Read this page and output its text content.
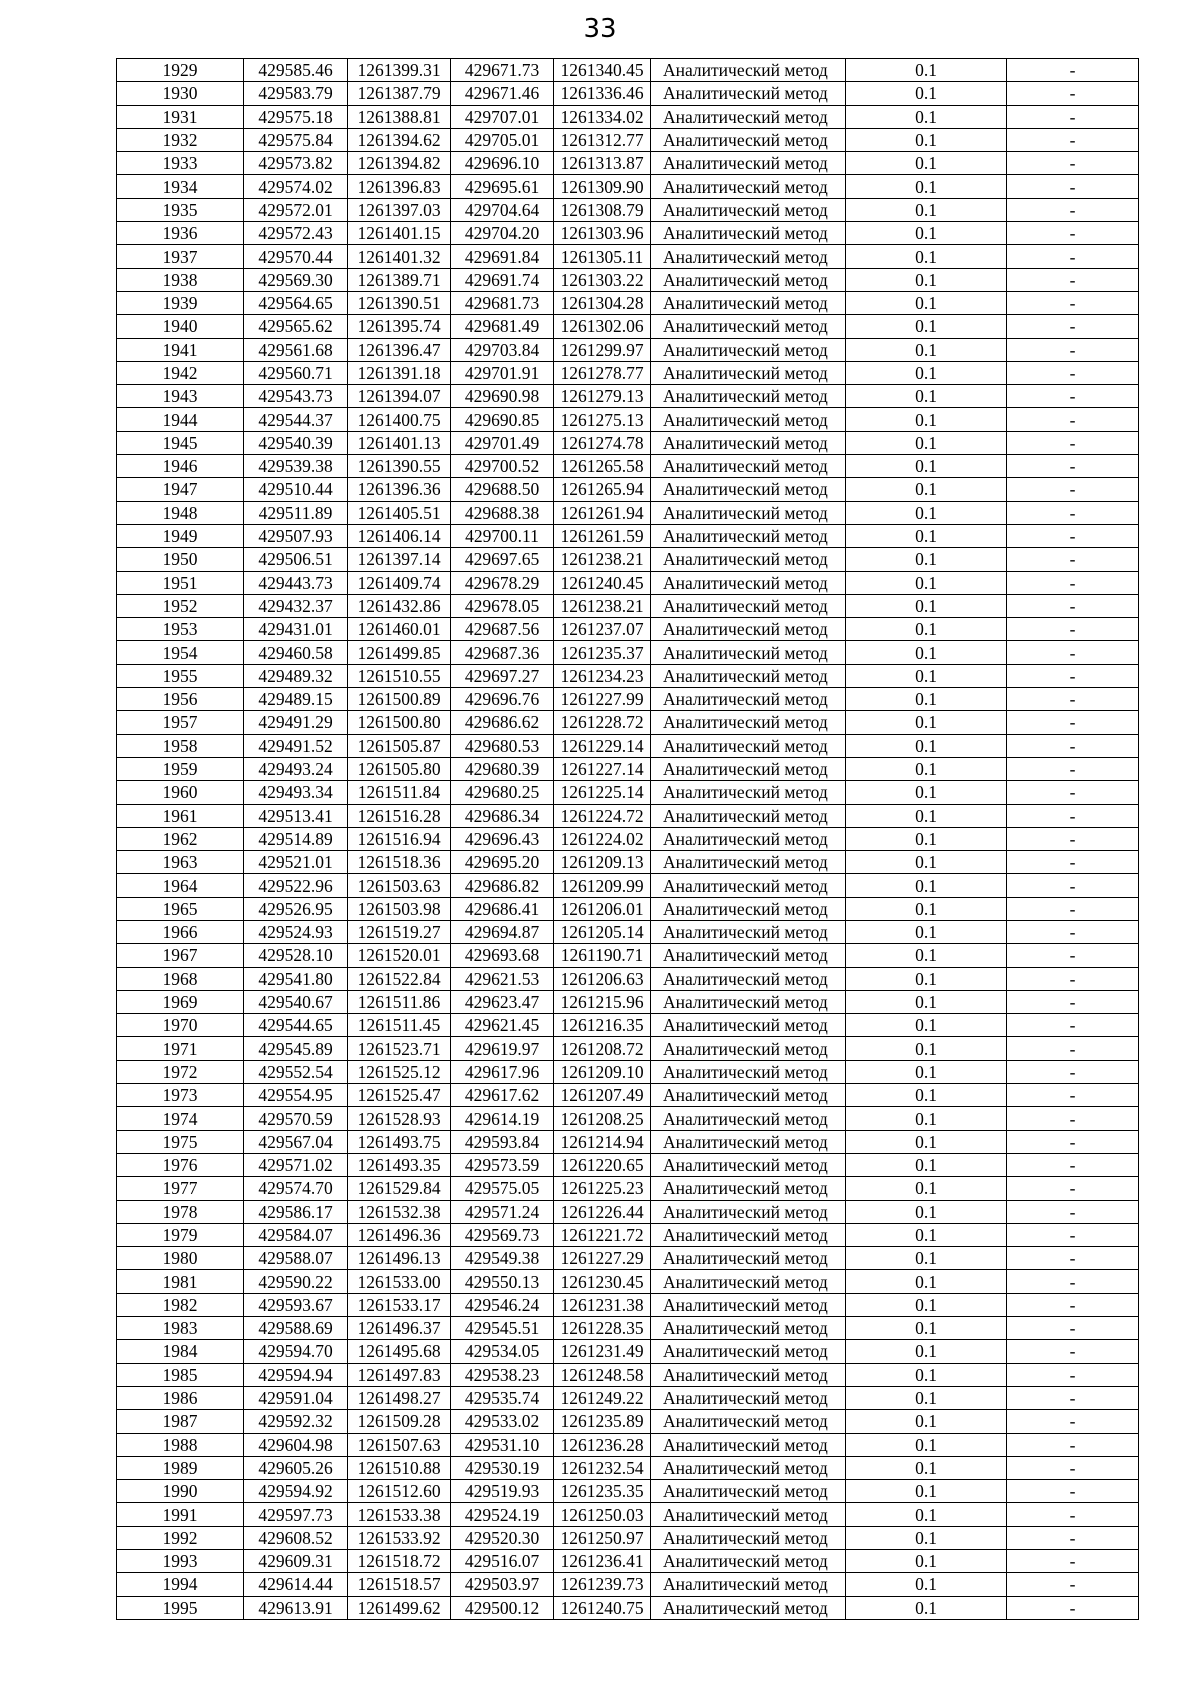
33
1929	429585.46	1261399.31	429671.73	1261340.45	Аналитический метод	0.1	-
1930	429583.79	1261387.79	429671.46	1261336.46	Аналитический метод	0.1	-
1931	429575.18	1261388.81	429707.01	1261334.02	Аналитический метод	0.1	-
1932	429575.84	1261394.62	429705.01	1261312.77	Аналитический метод	0.1	-
1933	429573.82	1261394.82	429696.10	1261313.87	Аналитический метод	0.1	-
1934	429574.02	1261396.83	429695.61	1261309.90	Аналитический метод	0.1	-
1935	429572.01	1261397.03	429704.64	1261308.79	Аналитический метод	0.1	-
1936	429572.43	1261401.15	429704.20	1261303.96	Аналитический метод	0.1	-
1937	429570.44	1261401.32	429691.84	1261305.11	Аналитический метод	0.1	-
1938	429569.30	1261389.71	429691.74	1261303.22	Аналитический метод	0.1	-
1939	429564.65	1261390.51	429681.73	1261304.28	Аналитический метод	0.1	-
1940	429565.62	1261395.74	429681.49	1261302.06	Аналитический метод	0.1	-
1941	429561.68	1261396.47	429703.84	1261299.97	Аналитический метод	0.1	-
1942	429560.71	1261391.18	429701.91	1261278.77	Аналитический метод	0.1	-
1943	429543.73	1261394.07	429690.98	1261279.13	Аналитический метод	0.1	-
1944	429544.37	1261400.75	429690.85	1261275.13	Аналитический метод	0.1	-
1945	429540.39	1261401.13	429701.49	1261274.78	Аналитический метод	0.1	-
1946	429539.38	1261390.55	429700.52	1261265.58	Аналитический метод	0.1	-
1947	429510.44	1261396.36	429688.50	1261265.94	Аналитический метод	0.1	-
1948	429511.89	1261405.51	429688.38	1261261.94	Аналитический метод	0.1	-
1949	429507.93	1261406.14	429700.11	1261261.59	Аналитический метод	0.1	-
1950	429506.51	1261397.14	429697.65	1261238.21	Аналитический метод	0.1	-
1951	429443.73	1261409.74	429678.29	1261240.45	Аналитический метод	0.1	-
1952	429432.37	1261432.86	429678.05	1261238.21	Аналитический метод	0.1	-
1953	429431.01	1261460.01	429687.56	1261237.07	Аналитический метод	0.1	-
1954	429460.58	1261499.85	429687.36	1261235.37	Аналитический метод	0.1	-
1955	429489.32	1261510.55	429697.27	1261234.23	Аналитический метод	0.1	-
1956	429489.15	1261500.89	429696.76	1261227.99	Аналитический метод	0.1	-
1957	429491.29	1261500.80	429686.62	1261228.72	Аналитический метод	0.1	-
1958	429491.52	1261505.87	429680.53	1261229.14	Аналитический метод	0.1	-
1959	429493.24	1261505.80	429680.39	1261227.14	Аналитический метод	0.1	-
1960	429493.34	1261511.84	429680.25	1261225.14	Аналитический метод	0.1	-
1961	429513.41	1261516.28	429686.34	1261224.72	Аналитический метод	0.1	-
1962	429514.89	1261516.94	429696.43	1261224.02	Аналитический метод	0.1	-
1963	429521.01	1261518.36	429695.20	1261209.13	Аналитический метод	0.1	-
1964	429522.96	1261503.63	429686.82	1261209.99	Аналитический метод	0.1	-
1965	429526.95	1261503.98	429686.41	1261206.01	Аналитический метод	0.1	-
1966	429524.93	1261519.27	429694.87	1261205.14	Аналитический метод	0.1	-
1967	429528.10	1261520.01	429693.68	1261190.71	Аналитический метод	0.1	-
1968	429541.80	1261522.84	429621.53	1261206.63	Аналитический метод	0.1	-
1969	429540.67	1261511.86	429623.47	1261215.96	Аналитический метод	0.1	-
1970	429544.65	1261511.45	429621.45	1261216.35	Аналитический метод	0.1	-
1971	429545.89	1261523.71	429619.97	1261208.72	Аналитический метод	0.1	-
1972	429552.54	1261525.12	429617.96	1261209.10	Аналитический метод	0.1	-
1973	429554.95	1261525.47	429617.62	1261207.49	Аналитический метод	0.1	-
1974	429570.59	1261528.93	429614.19	1261208.25	Аналитический метод	0.1	-
1975	429567.04	1261493.75	429593.84	1261214.94	Аналитический метод	0.1	-
1976	429571.02	1261493.35	429573.59	1261220.65	Аналитический метод	0.1	-
1977	429574.70	1261529.84	429575.05	1261225.23	Аналитический метод	0.1	-
1978	429586.17	1261532.38	429571.24	1261226.44	Аналитический метод	0.1	-
1979	429584.07	1261496.36	429569.73	1261221.72	Аналитический метод	0.1	-
1980	429588.07	1261496.13	429549.38	1261227.29	Аналитический метод	0.1	-
1981	429590.22	1261533.00	429550.13	1261230.45	Аналитический метод	0.1	-
1982	429593.67	1261533.17	429546.24	1261231.38	Аналитический метод	0.1	-
1983	429588.69	1261496.37	429545.51	1261228.35	Аналитический метод	0.1	-
1984	429594.70	1261495.68	429534.05	1261231.49	Аналитический метод	0.1	-
1985	429594.94	1261497.83	429538.23	1261248.58	Аналитический метод	0.1	-
1986	429591.04	1261498.27	429535.74	1261249.22	Аналитический метод	0.1	-
1987	429592.32	1261509.28	429533.02	1261235.89	Аналитический метод	0.1	-
1988	429604.98	1261507.63	429531.10	1261236.28	Аналитический метод	0.1	-
1989	429605.26	1261510.88	429530.19	1261232.54	Аналитический метод	0.1	-
1990	429594.92	1261512.60	429519.93	1261235.35	Аналитический метод	0.1	-
1991	429597.73	1261533.38	429524.19	1261250.03	Аналитический метод	0.1	-
1992	429608.52	1261533.92	429520.30	1261250.97	Аналитический метод	0.1	-
1993	429609.31	1261518.72	429516.07	1261236.41	Аналитический метод	0.1	-
1994	429614.44	1261518.57	429503.97	1261239.73	Аналитический метод	0.1	-
1995	429613.91	1261499.62	429500.12	1261240.75	Аналитический метод	0.1	-
